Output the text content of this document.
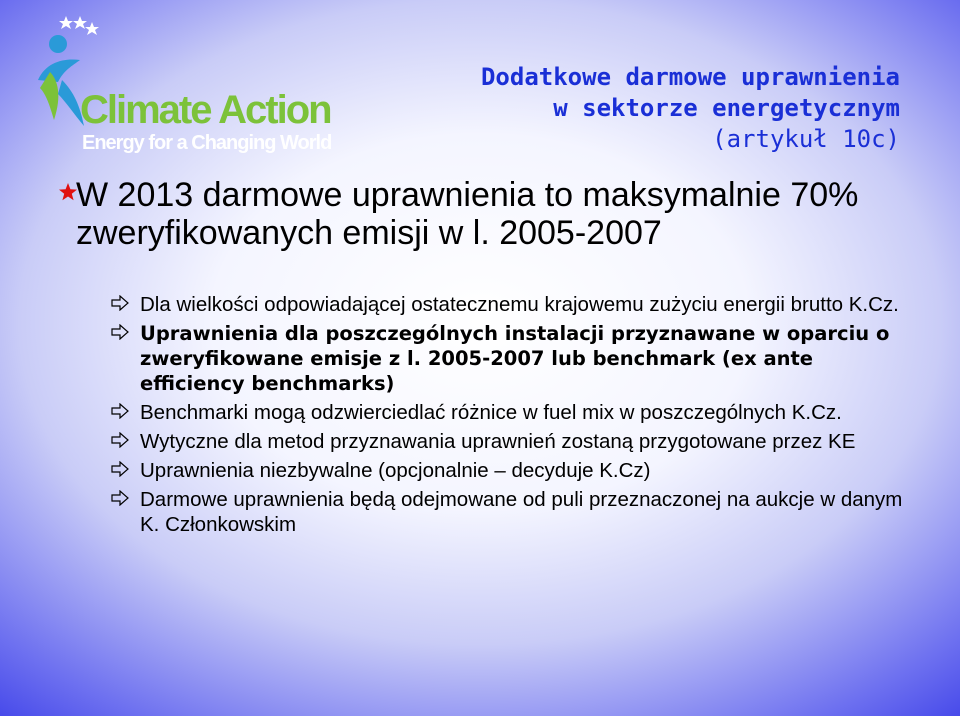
Climate Action
Energy for a Changing World
Dodatkowe darmowe uprawnienia
w sektorze energetycznym
(artykuł 10c)
W 2013 darmowe uprawnienia to maksymalnie 70% zweryfikowanych emisji w l. 2005-2007
Dla wielkości odpowiadającej ostatecznemu krajowemu zużyciu energii brutto K.Cz.
Uprawnienia dla poszczególnych instalacji przyznawane w oparciu o zweryfikowane emisje z l. 2005-2007 lub benchmark (ex ante efficiency benchmarks)
Benchmarki mogą odzwierciedlać różnice w fuel mix w poszczególnych K.Cz.
Wytyczne dla metod przyznawania uprawnień zostaną przygotowane przez KE
Uprawnienia niezbywalne (opcjonalnie – decyduje K.Cz)
Darmowe uprawnienia będą odejmowane od puli przeznaczonej na aukcje w danym K. Członkowskim
